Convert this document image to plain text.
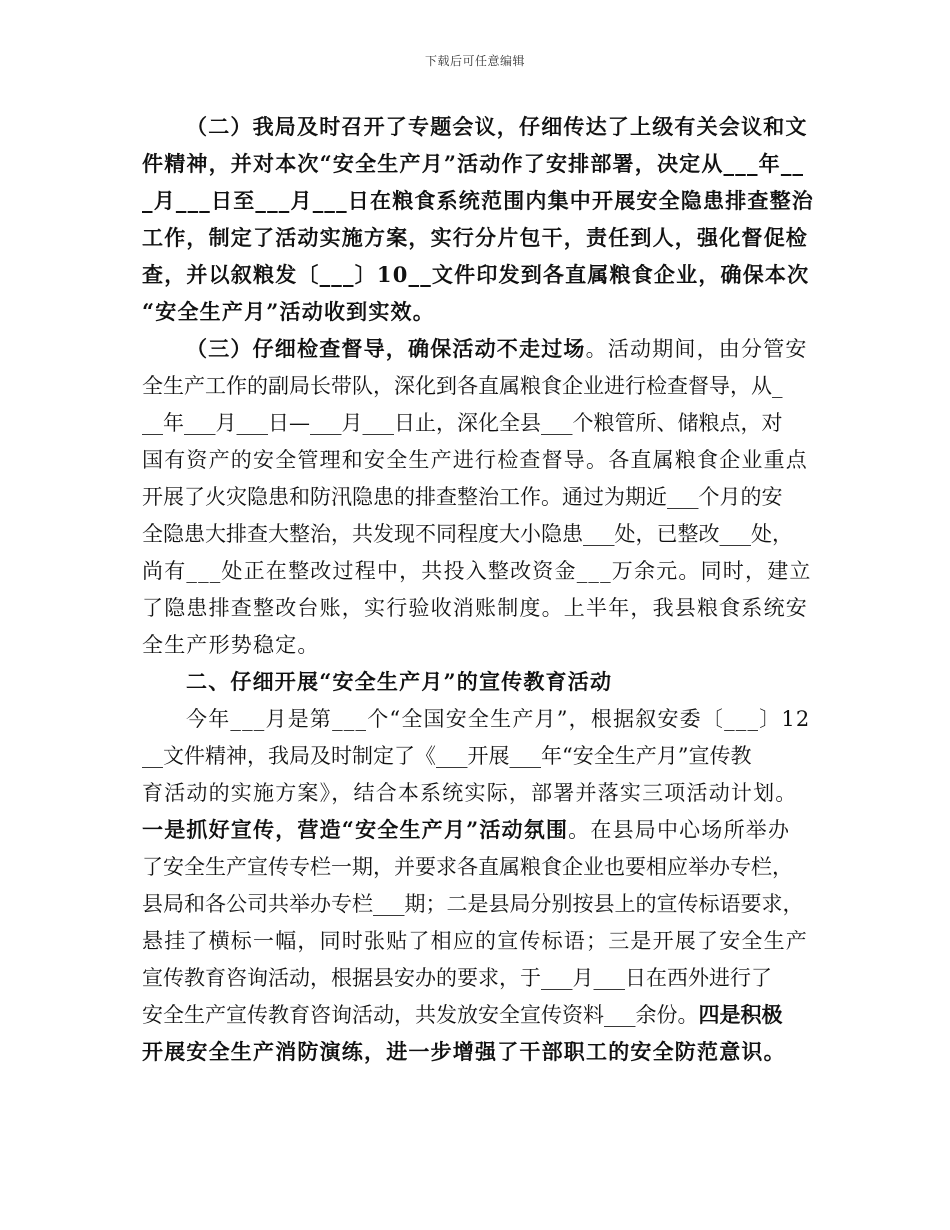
下载后可任意编辑
（二）我局及时召开了专题会议，仔细传达了上级有关会议和文
件精神，并对本次“安全生产月”活动作了安排部署，决定从___年__
_月___日至___月___日在粮食系统范围内集中开展安全隐患排查整治
工作，制定了活动实施方案，实行分片包干，责任到人，强化督促检
查，并以叙粮发〔___〕10__文件印发到各直属粮食企业，确保本次
“安全生产月”活动收到实效。
（三）仔细检查督导，确保活动不走过场。活动期间，由分管安
全生产工作的副局长带队，深化到各直属粮食企业进行检查督导，从_
__年___月___日—___月___日止，深化全县___个粮管所、储粮点，对
国有资产的安全管理和安全生产进行检查督导。各直属粮食企业重点
开展了火灾隐患和防汛隐患的排查整治工作。通过为期近___个月的安
全隐患大排查大整治，共发现不同程度大小隐患___处，已整改___处，
尚有___处正在整改过程中，共投入整改资金___万余元。同时，建立
了隐患排查整改台账，实行验收消账制度。上半年，我县粮食系统安
全生产形势稳定。
二、仔细开展“安全生产月”的宣传教育活动
今年___月是第___个“全国安全生产月”，根据叙安委〔___〕12
__文件精神，我局及时制定了《___开展___年“安全生产月”宣传教
育活动的实施方案》，结合本系统实际，部署并落实三项活动计划。
一是抓好宣传，营造“安全生产月”活动氛围。在县局中心场所举办
了安全生产宣传专栏一期，并要求各直属粮食企业也要相应举办专栏，
县局和各公司共举办专栏___期；二是县局分别按县上的宣传标语要求，
悬挂了横标一幅，同时张贴了相应的宣传标语；三是开展了安全生产
宣传教育咨询活动，根据县安办的要求，于___月___日在西外进行了
安全生产宣传教育咨询活动，共发放安全宣传资料___余份。四是积极
开展安全生产消防演练，进一步增强了干部职工的安全防范意识。
